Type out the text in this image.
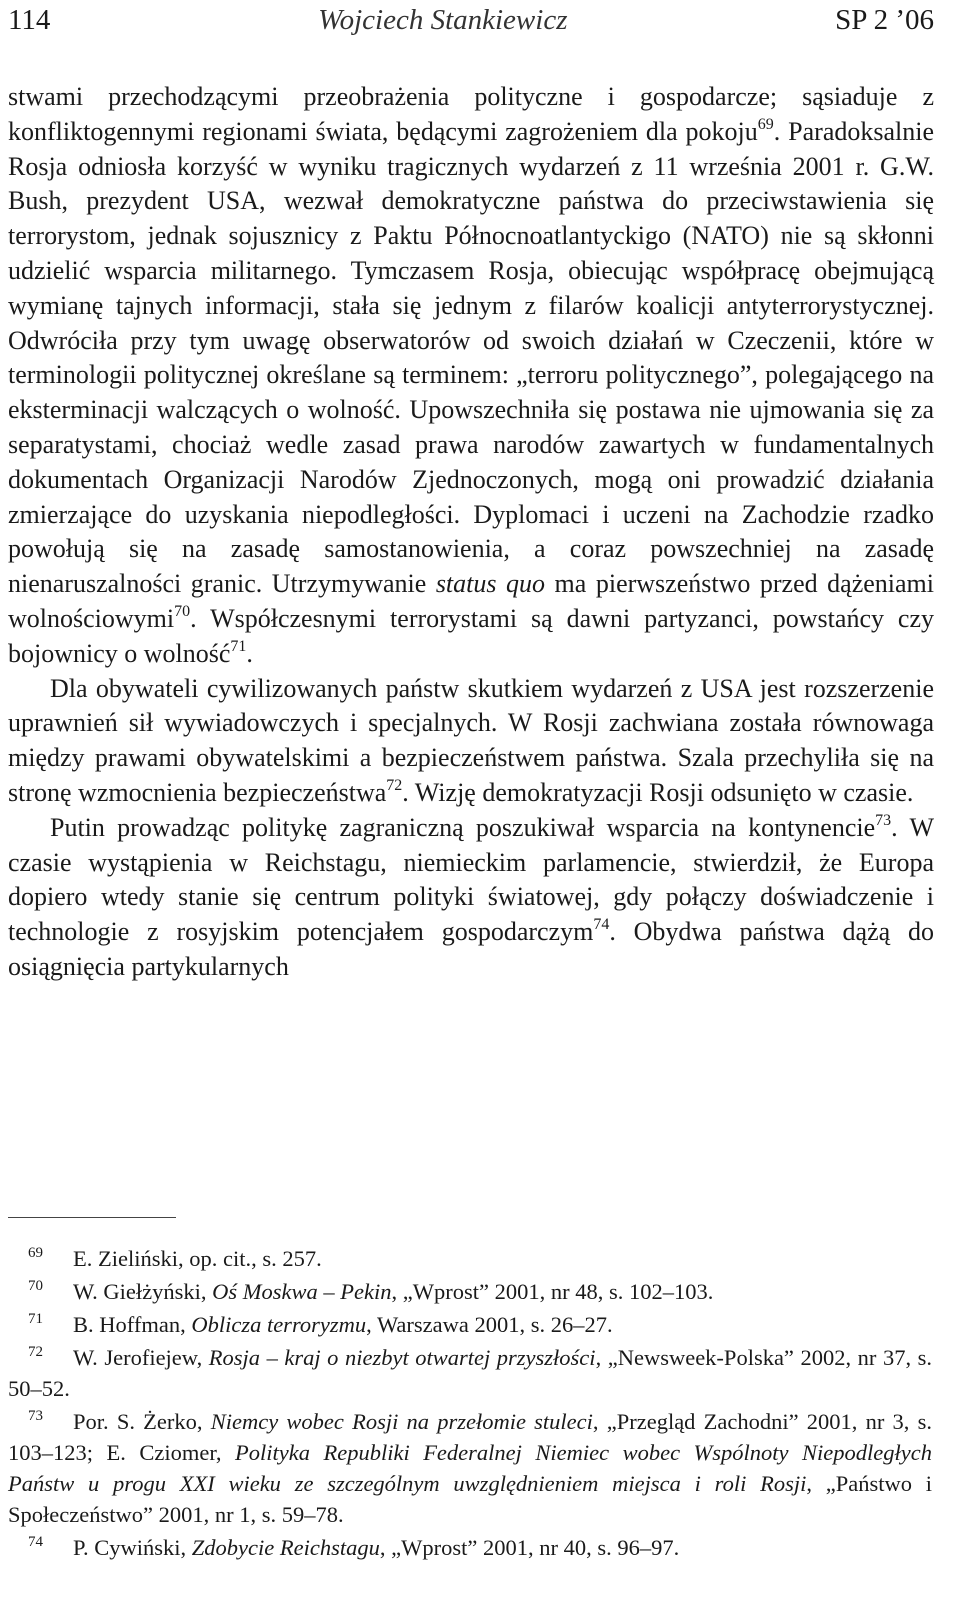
114	Wojciech Stankiewicz	SP 2 ’06

stwami przechodzącymi przeobrażenia polityczne i gospodarcze; sąsiaduje z konfliktogennymi regionami świata, będącymi zagrożeniem dla pokoju$^{69}$. Paradoksalnie Rosja odniosła korzyść w wyniku tragicznych wydarzeń z 11 września 2001 r. G.W. Bush, prezydent USA, wezwał demokratyczne państwa do przeciwstawienia się terrorystom, jednak sojusznicy z Paktu Północnoatlantyckigo (NATO) nie są skłonni udzielić wsparcia militarnego. Tymczasem Rosja, obiecując współpracę obejmującą wymianę tajnych informacji, stała się jednym z filarów koalicji antyterrorystycznej. Odwróciła przy tym uwagę obserwatorów od swoich działań w Czeczenii, które w terminologii politycznej określane są terminem: „terroru politycznego”, polegającego na eksterminacji walczących o wolność. Upowszechniła się postawa nie ujmowania się za separatystami, chociaż wedle zasad prawa narodów zawartych w fundamentalnych dokumentach Organizacji Narodów Zjednoczonych, mogą oni prowadzić działania zmierzające do uzyskania niepodległości. Dyplomaci i uczeni na Zachodzie rzadko powołują się na zasadę samostanowienia, a coraz powszechniej na zasadę nienaruszalności granic. Utrzymywanie status quo ma pierwszeństwo przed dążeniami wolnościowymi$^{70}$. Współczesnymi terrorystami są dawni partyzanci, powstańcy czy bojownicy o wolność$^{71}$.

Dla obywateli cywilizowanych państw skutkiem wydarzeń z USA jest rozszerzenie uprawnień sił wywiadowczych i specjalnych. W Rosji zachwiana została równowaga między prawami obywatelskimi a bezpieczeństwem państwa. Szala przechyliła się na stronę wzmocnienia bezpieczeństwa$^{72}$. Wizję demokratyzacji Rosji odsunięto w czasie.

Putin prowadząc politykę zagraniczną poszukiwał wsparcia na kontynencie$^{73}$. W czasie wystąpienia w Reichstagu, niemieckim parlamencie, stwierdził, że Europa dopiero wtedy stanie się centrum polityki światowej, gdy połączy doświadczenie i technologie z rosyjskim potencjałem gospodarczym$^{74}$. Obydwa państwa dążą do osiągnięcia partykularnych

69 E. Zieliński, op. cit., s. 257.

70 W. Giełżyński, Oś Moskwa – Pekin, „Wprost” 2001, nr 48, s. 102–103.

71 B. Hoffman, Oblicza terroryzmu, Warszawa 2001, s. 26–27.

72 W. Jerofiejew, Rosja – kraj o niezbyt otwartej przyszłości, „Newsweek-Polska” 2002, nr 37, s. 50–52.

73 Por. S. Żerko, Niemcy wobec Rosji na przełomie stuleci, „Przegląd Zachodni” 2001, nr 3, s. 103–123; E. Cziomer, Polityka Republiki Federalnej Niemiec wobec Wspólnoty Niepodległych Państw u progu XXI wieku ze szczególnym uwzględnieniem miejsca i roli Rosji, „Państwo i Społeczeństwo” 2001, nr 1, s. 59–78.

74 P. Cywiński, Zdobycie Reichstagu, „Wprost” 2001, nr 40, s. 96–97.
